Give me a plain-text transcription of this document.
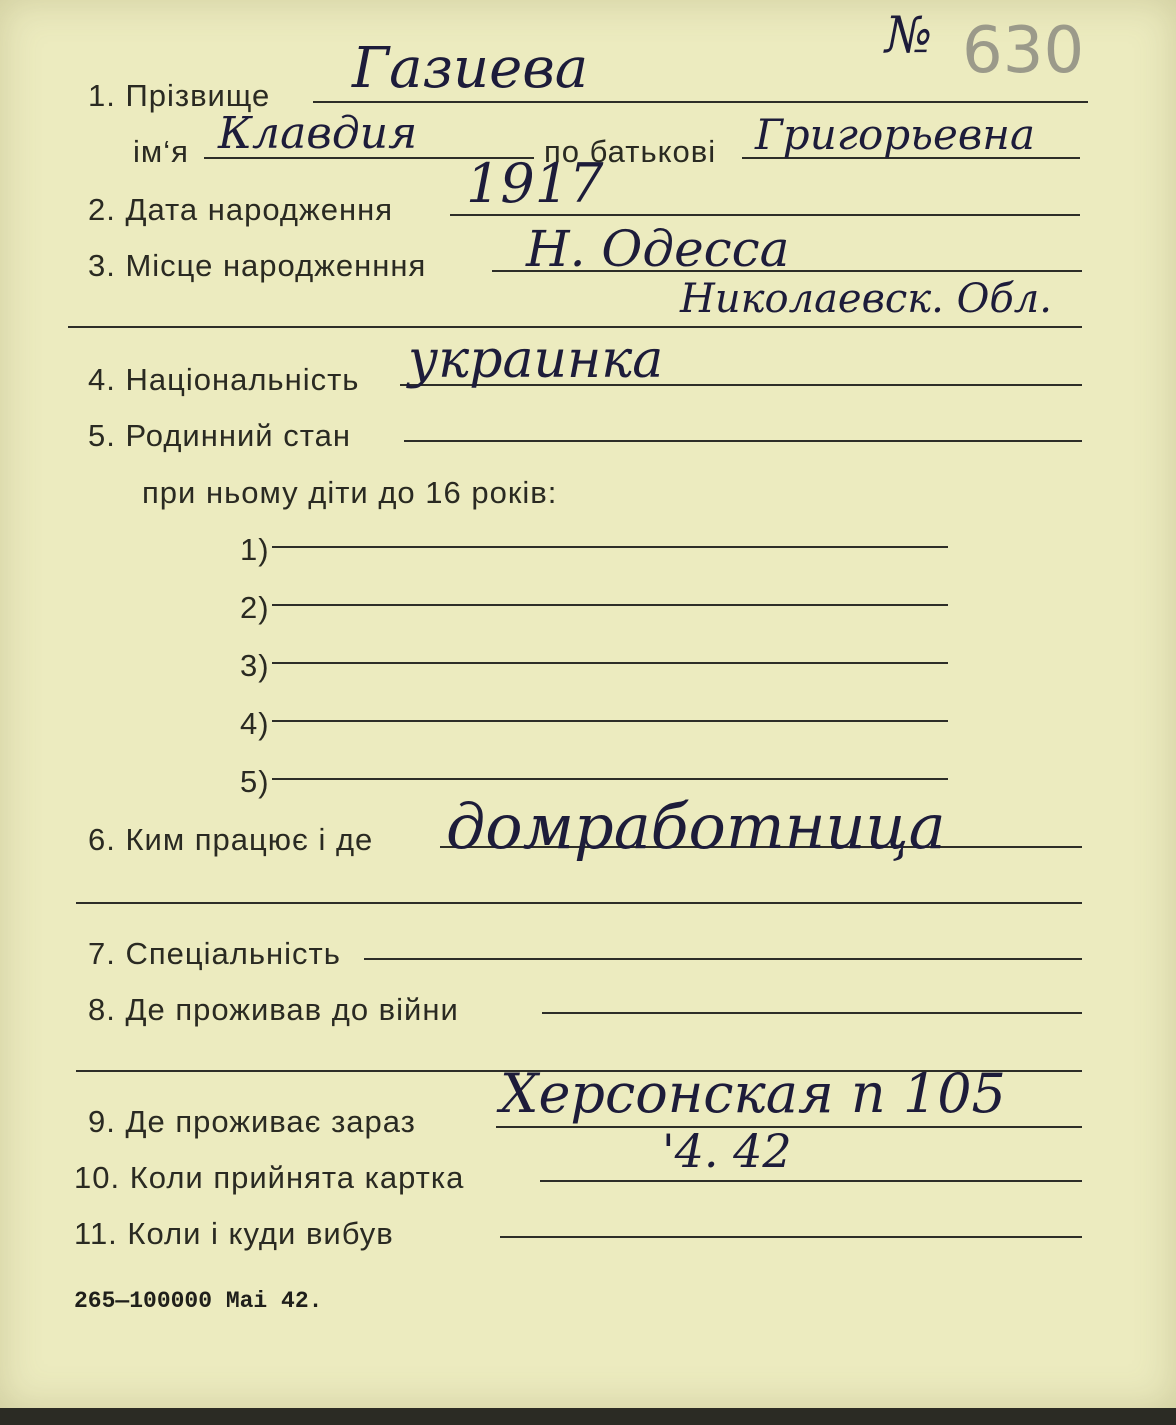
№ 630
1. Прізвище Газиева
ім‘я Клавдия	по батькові Григорьевна
2. Дата народження 1917
3. Місце народженння Н. Одесса
Николаевск. Обл.
4. Національність украинка
5. Родинний стан
при ньому діти до 16 років:
1)
2)
3)
4)
5)
6. Ким працює і де домработница
7. Спеціальність
8. Де проживав до війни
9. Де проживає зараз Херсонская п 105
10. Коли прийнята картка	'4. 42
11. Коли і куди вибув
265—100000 Mai 42.
